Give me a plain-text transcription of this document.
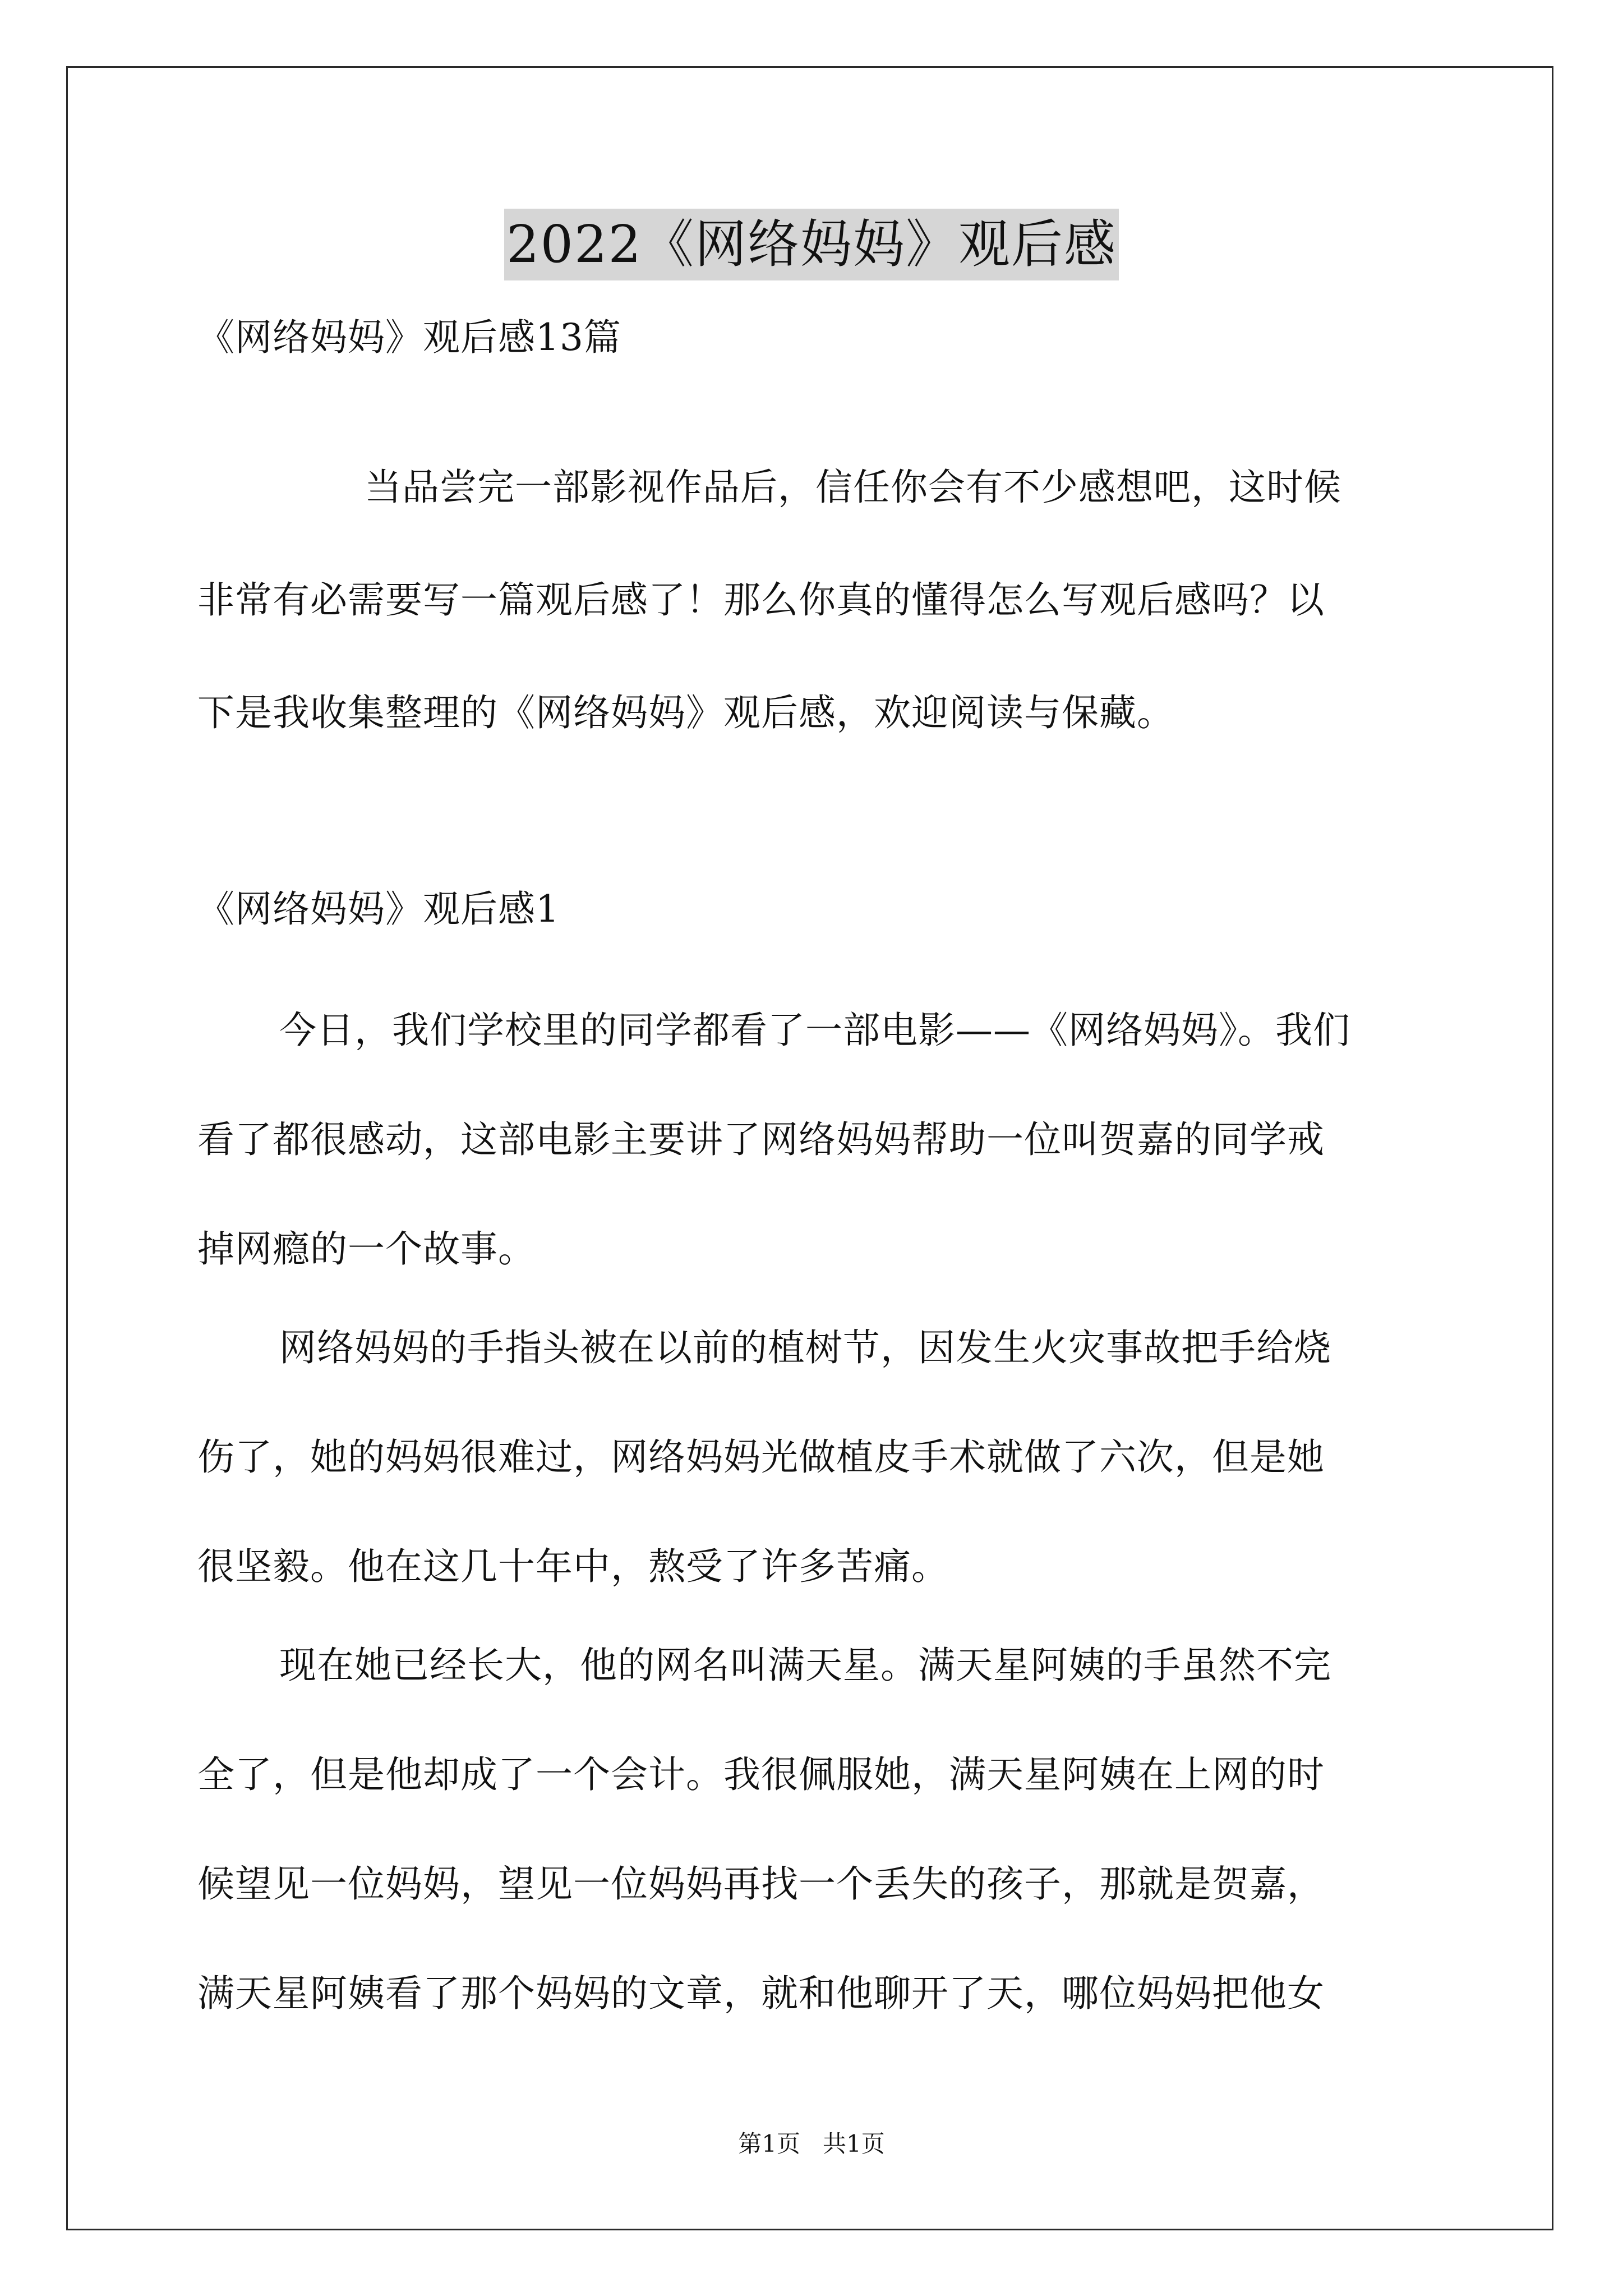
2022《网络妈妈》观后感
《网络妈妈》观后感13篇
当品尝完一部影视作品后，信任你会有不少感想吧，这时候
非常有必需要写一篇观后感了！那么你真的懂得怎么写观后感吗？以
下是我收集整理的《网络妈妈》观后感，欢迎阅读与保藏。
《网络妈妈》观后感1
今日，我们学校里的同学都看了一部电影——《网络妈妈》。我们
看了都很感动，这部电影主要讲了网络妈妈帮助一位叫贺嘉的同学戒
掉网瘾的一个故事。
网络妈妈的手指头被在以前的植树节，因发生火灾事故把手给烧
伤了，她的妈妈很难过，网络妈妈光做植皮手术就做了六次，但是她
很坚毅。他在这几十年中，熬受了许多苦痛。
现在她已经长大，他的网名叫满天星。满天星阿姨的手虽然不完
全了，但是他却成了一个会计。我很佩服她，满天星阿姨在上网的时
候望见一位妈妈，望见一位妈妈再找一个丢失的孩子，那就是贺嘉，
满天星阿姨看了那个妈妈的文章，就和他聊开了天，哪位妈妈把他女
第1页 共1页
